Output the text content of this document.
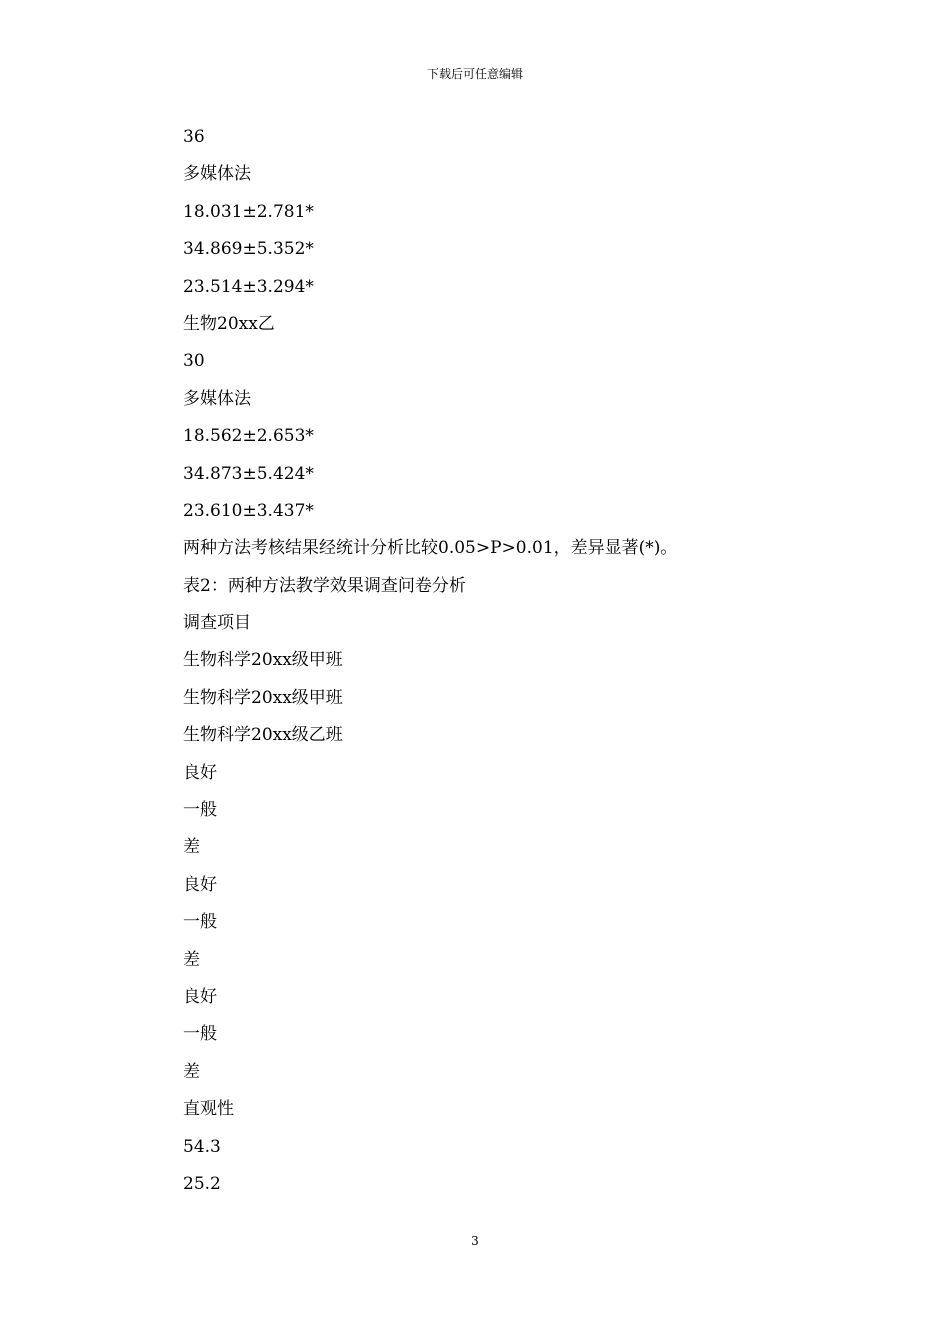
下载后可任意编辑
36
多媒体法
18.031±2.781*
34.869±5.352*
23.514±3.294*
生物20xx乙
30
多媒体法
18.562±2.653*
34.873±5.424*
23.610±3.437*
两种方法考核结果经统计分析比较0.05>P>0.01，差异显著(*)。
表2：两种方法教学效果调查问卷分析
调查项目
生物科学20xx级甲班
生物科学20xx级甲班
生物科学20xx级乙班
良好
一般
差
良好
一般
差
良好
一般
差
直观性
54.3
25.2
3
